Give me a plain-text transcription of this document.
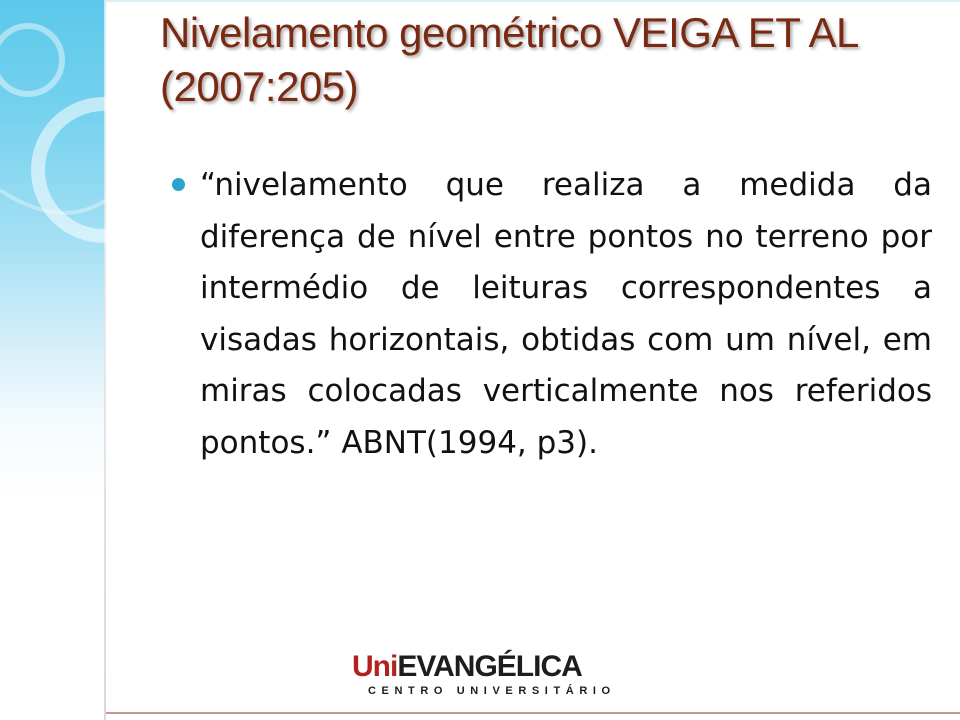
Nivelamento geométrico VEIGA ET AL (2007:205)

“nivelamento que realiza a medida da diferença de nível entre pontos no terreno por intermédio de leituras correspondentes a visadas horizontais, obtidas com um nível, em miras colocadas verticalmente nos referidos pontos.” ABNT(1994, p3).

UniEVANGÉLICA
CENTRO UNIVERSITÁRIO
